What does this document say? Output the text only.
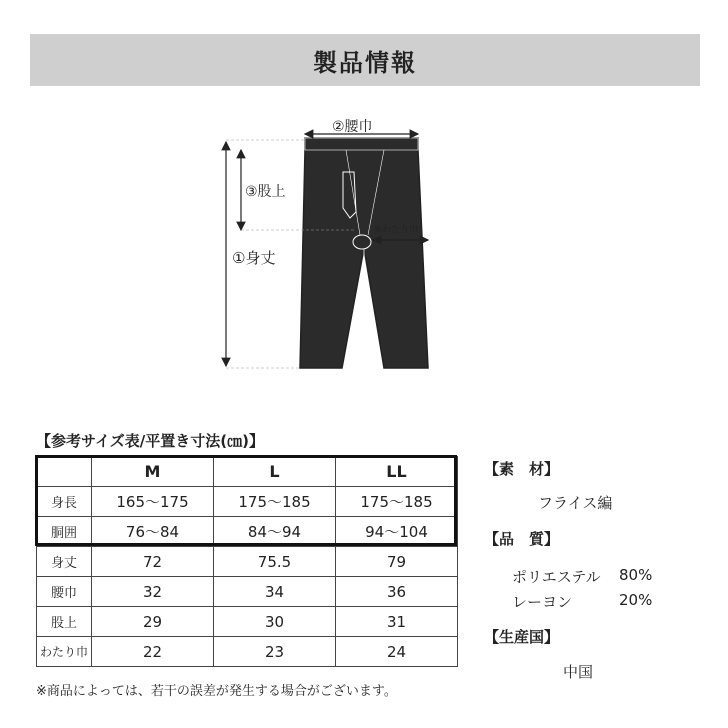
製品情報
②腰巾
③股上
①身丈
④わたり巾
【参考サイズ表/平置き寸法(㎝)】
	M	L	LL
身長	165～175	175～185	175～185
胴囲	76～84	84～94	94～104
身丈	72	75.5	79
腰巾	32	34	36
股上	29	30	31
わたり巾	22	23	24
※商品によっては、若干の誤差が発生する場合がございます。
【素　材】
フライス編
【品　質】
ポリエステル 80%
レーヨン	20%
【生産国】
中国
